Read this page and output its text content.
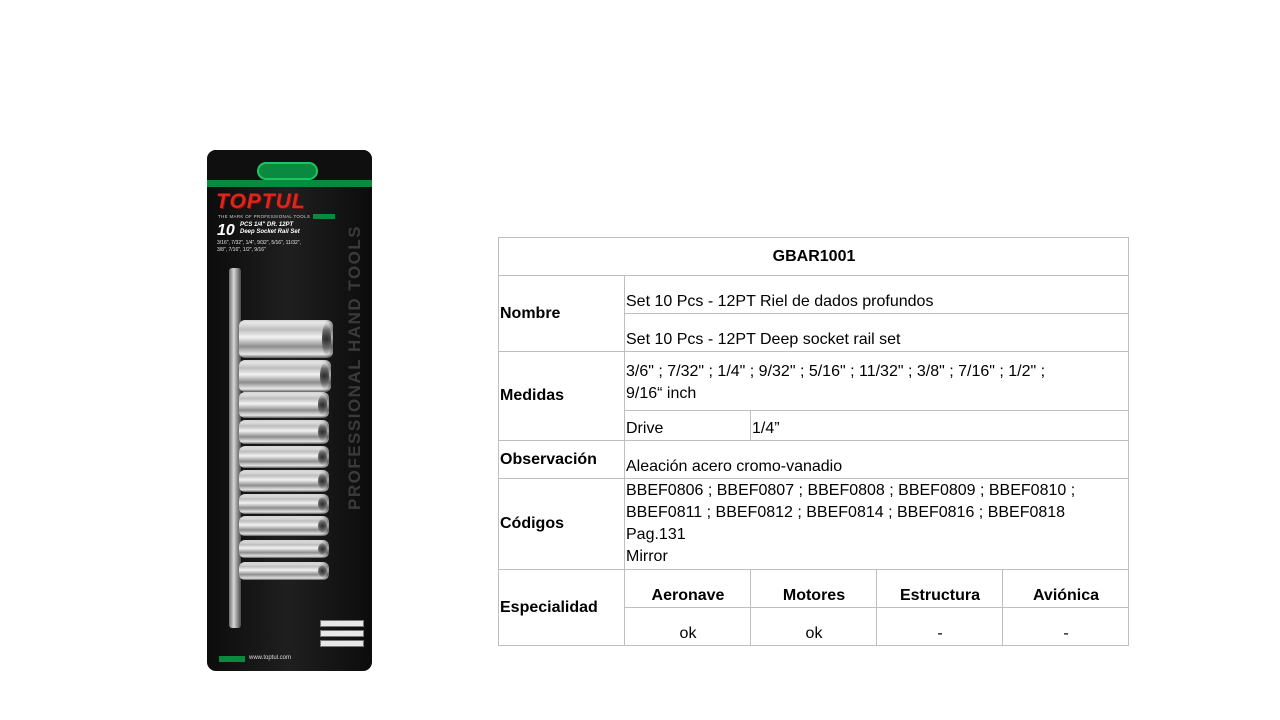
TOPTUL
THE MARK OF PROFESSIONAL TOOLS
10 PCS 1/4" DR. 12PT
Deep Socket Rail Set
3/16", 7/32", 1/4", 9/32", 5/16", 11/32",
3/8", 7/16", 1/2", 9/16"	PROFESSIONAL HAND TOOLS
www.toptul.com
GBAR1001				
Nombre	Set 10 Pcs - 12PT Riel de dados profundos			
	Set 10 Pcs - 12PT Deep socket rail set			
Medidas	3/6" ; 7/32" ; 1/4" ; 9/32" ; 5/16" ; 11/32" ; 3/8" ; 7/16" ; 1/2" ;
9/16“ inch			
	Drive	1/4”		
Observación	Aleación acero cromo-vanadio			
Códigos	BBEF0806 ; BBEF0807 ; BBEF0808 ; BBEF0809 ; BBEF0810 ;
BBEF0811 ; BBEF0812 ; BBEF0814 ; BBEF0816 ; BBEF0818
Pag.131
Mirror			
Especialidad	Aeronave	Motores	Estructura	Aviónica
	ok	ok	-	-
